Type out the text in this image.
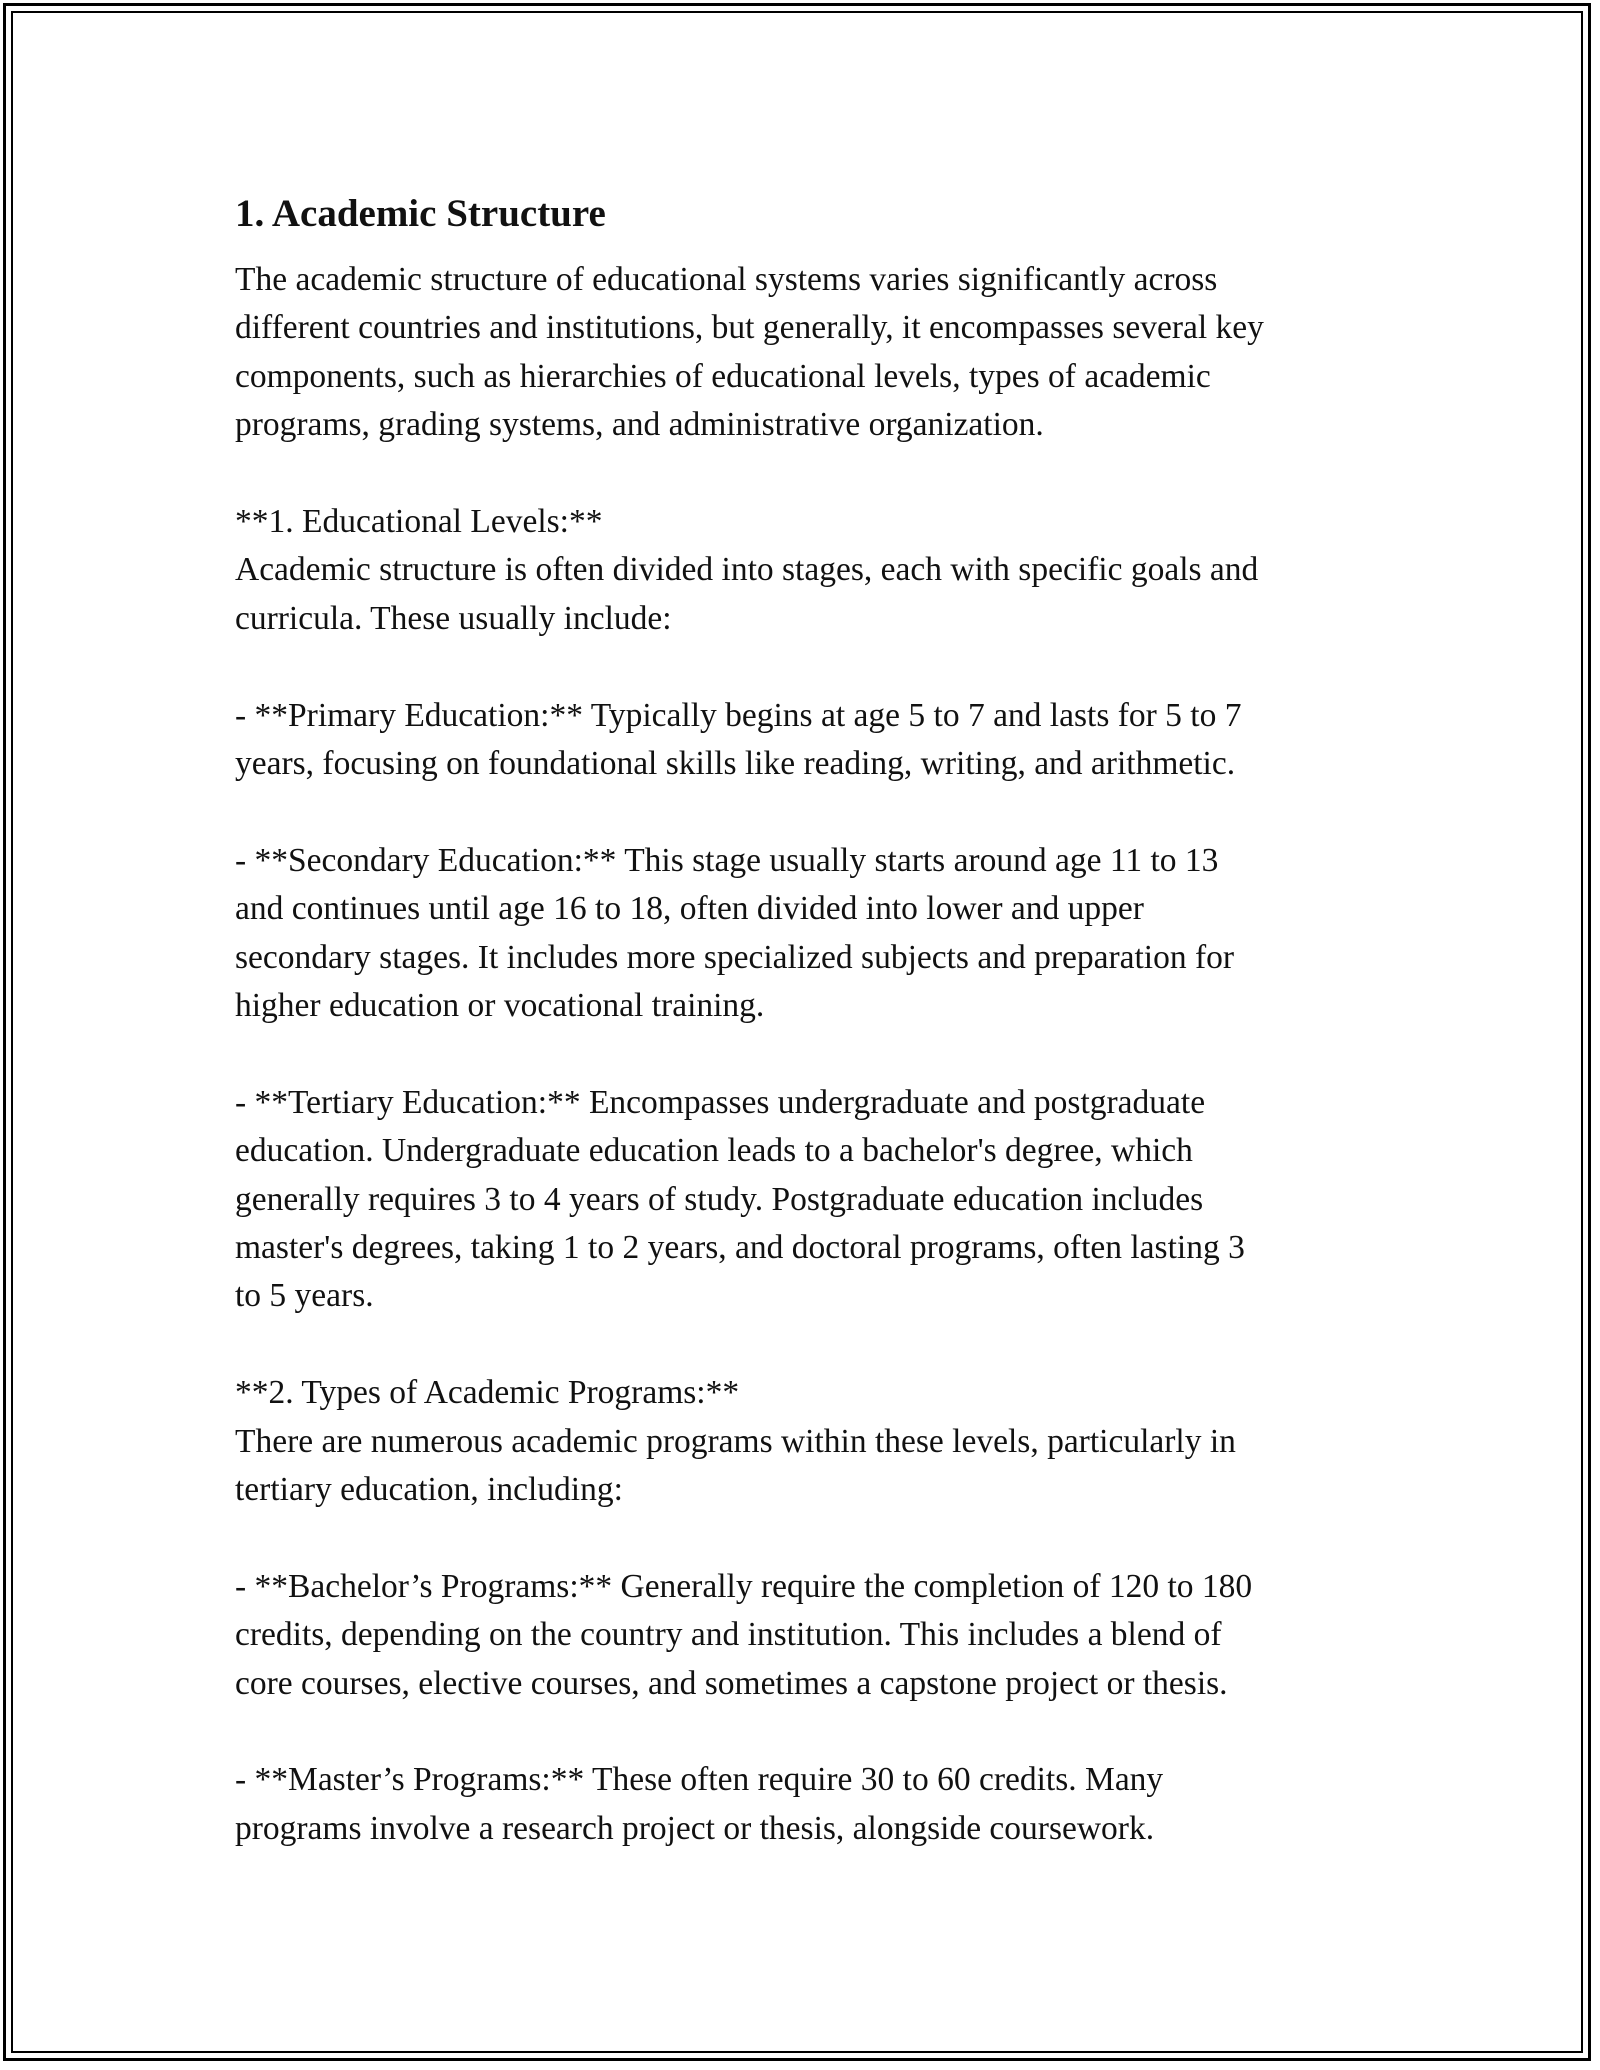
1. Academic Structure
The academic structure of educational systems varies significantly across
different countries and institutions, but generally, it encompasses several key
components, such as hierarchies of educational levels, types of academic
programs, grading systems, and administrative organization.
**1. Educational Levels:**
Academic structure is often divided into stages, each with specific goals and
curricula. These usually include:
- **Primary Education:** Typically begins at age 5 to 7 and lasts for 5 to 7
years, focusing on foundational skills like reading, writing, and arithmetic.
- **Secondary Education:** This stage usually starts around age 11 to 13
and continues until age 16 to 18, often divided into lower and upper
secondary stages. It includes more specialized subjects and preparation for
higher education or vocational training.
- **Tertiary Education:** Encompasses undergraduate and postgraduate
education. Undergraduate education leads to a bachelor's degree, which
generally requires 3 to 4 years of study. Postgraduate education includes
master's degrees, taking 1 to 2 years, and doctoral programs, often lasting 3
to 5 years.
**2. Types of Academic Programs:**
There are numerous academic programs within these levels, particularly in
tertiary education, including:
- **Bachelor’s Programs:** Generally require the completion of 120 to 180
credits, depending on the country and institution. This includes a blend of
core courses, elective courses, and sometimes a capstone project or thesis.
- **Master’s Programs:** These often require 30 to 60 credits. Many
programs involve a research project or thesis, alongside coursework.
